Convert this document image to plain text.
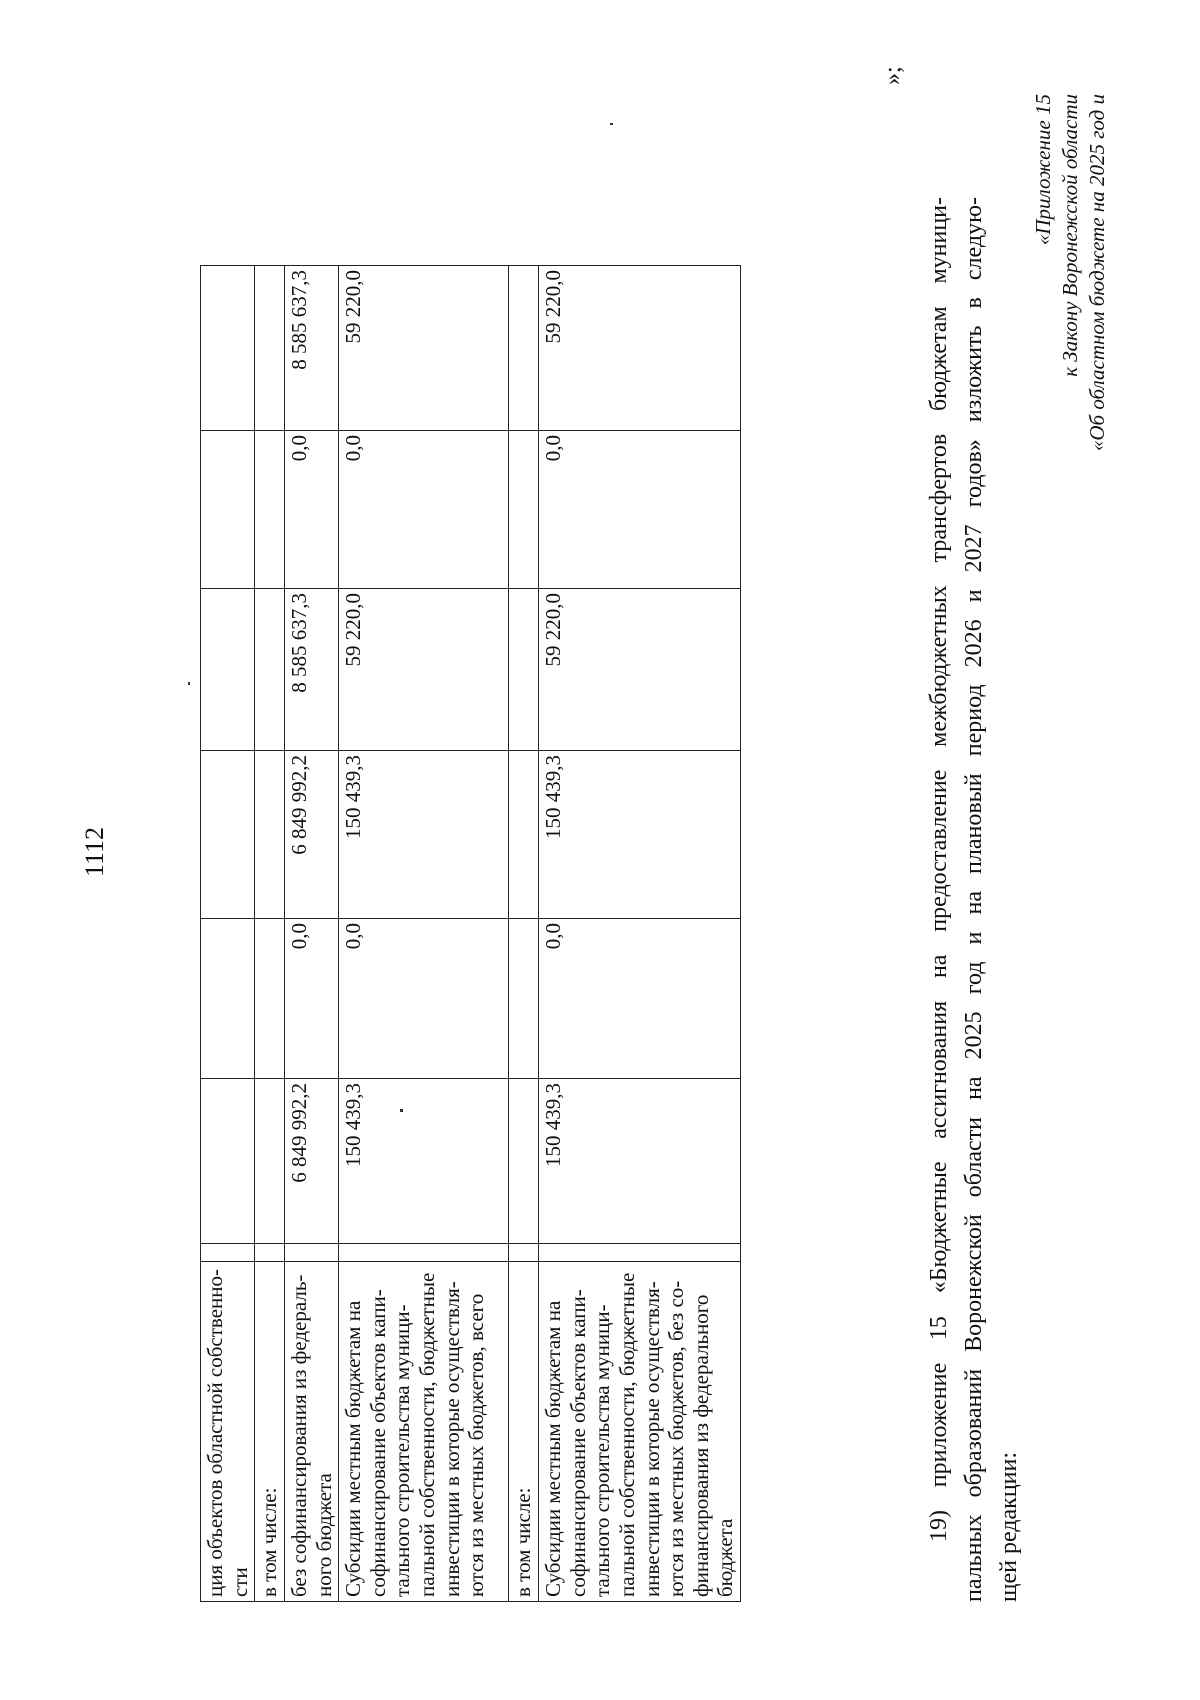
1112
ция объектов областной собственно-сти							
в том числе:							
без софинансирования из федераль-ного бюджета		6 849 992,2	0,0	6 849 992,2	8 585 637,3	0,0	8 585 637,3
Субсидии местным бюджетам на софинансирование объектов капи-тального строительства муници-пальной собственности, бюджетные инвестиции в которые осуществля-ются из местных бюджетов, всего		150 439,3	0,0	150 439,3	59 220,0	0,0	59 220,0
в том числе:							
Субсидии местным бюджетам на софинансирование объектов капи-тального строительства муници-пальной собственности, бюджетные инвестиции в которые осуществля-ются из местных бюджетов, без со-финансирования из федерального бюджета		150 439,3	0,0	150 439,3	59 220,0	0,0	59 220,0
»;
19) приложение 15 «Бюджетные ассигнования на предоставление межбюджетных трансфертов бюджетам муници- пальных образований Воронежской области на 2025 год и на плановый период 2026 и 2027 годов» изложить в следую- щей редакции:
«Приложение 15 к Закону Воронежской области «Об областном бюджете на 2025 год и
